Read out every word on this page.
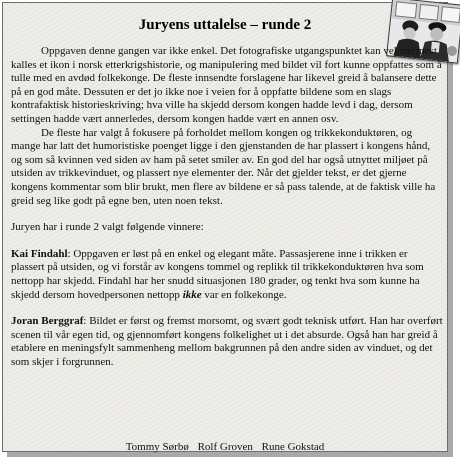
Juryens uttalelse – runde 2

Oppgaven denne gangen var ikke enkel. Det fotografiske utgangspunktet kan vel nærmest kalles et ikon i norsk etterkrigshistorie, og manipulering med bildet vil fort kunne oppfattes som å tulle med en avdød folkekonge. De fleste innsendte forslagene har likevel greid å balansere dette på en god måte. Dessuten er det jo ikke noe i veien for å oppfatte bildene som en slags kontrafaktisk historieskriving; hva ville ha skjedd dersom kongen hadde levd i dag, dersom settingen hadde vært annerledes, dersom kongen hadde vært en annen osv.

De fleste har valgt å fokusere på forholdet mellom kongen og trikkekonduktøren, og mange har latt det humoristiske poenget ligge i den gjenstanden de har plassert i kongens hånd, og som så kvinnen ved siden av ham på setet smiler av. En god del har også utnyttet miljøet på utsiden av trikkevinduet, og plassert nye elementer der. Når det gjelder tekst, er det gjerne kongens kommentar som blir brukt, men flere av bildene er så pass talende, at de faktisk ville ha greid seg like godt på egne ben, uten noen tekst.

Juryen har i runde 2 valgt følgende vinnere:

Kai Findahl: Oppgaven er løst på en enkel og elegant måte. Passasjerene inne i trikken er plassert på utsiden, og vi forstår av kongens tommel og replikk til trikkekonduktøren hva som nettopp har skjedd. Findahl har her snudd situasjonen 180 grader, og tenkt hva som kunne ha skjedd dersom hovedpersonen nettopp ikke var en folkekonge.

Joran Berggraf: Bildet er først og fremst morsomt, og svært godt teknisk utført. Han har overført scenen til vår egen tid, og gjennomført kongens folkelighet ut i det absurde. Også han har greid å etablere en meningsfylt sammenheng mellom bakgrunnen på den andre siden av vinduet, og det som skjer i forgrunnen.

Tommy Sørbø Rolf Groven Rune Gokstad
